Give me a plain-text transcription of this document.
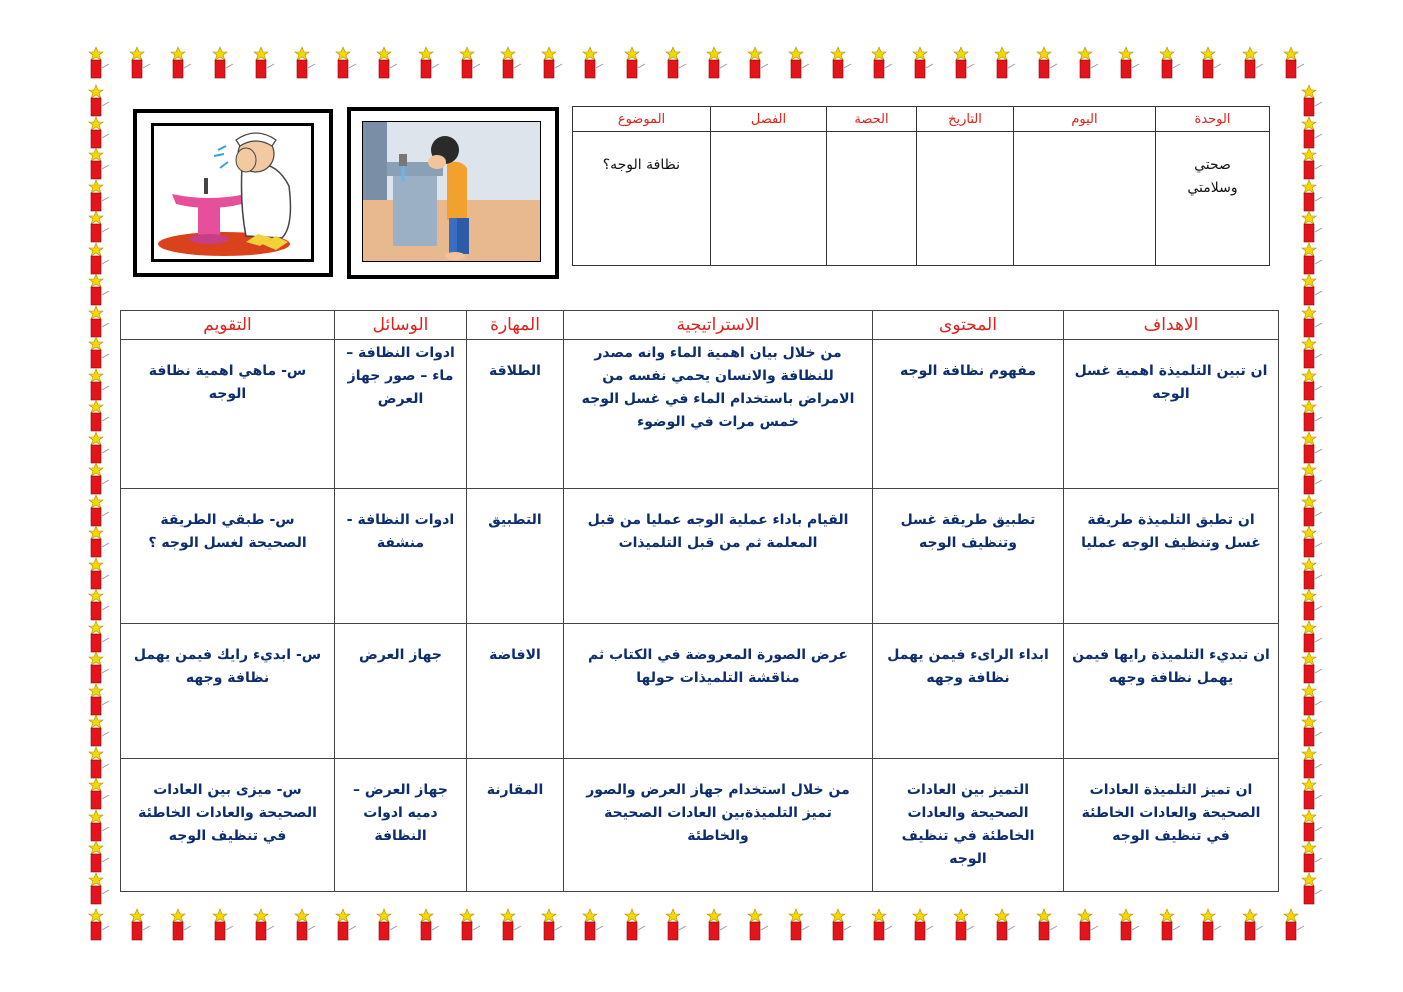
الوحدة	اليوم	التاريخ	الحصة	الفصل	الموضوع
صحتي وسلامتي					نظافة الوجه؟
الاهداف	المحتوى	الاستراتيجية	المهارة	الوسائل	التقويم
ان تبين التلميذة اهمية غسل الوجه	مفهوم نظافة الوجه	من خلال بيان اهمية الماء وانه مصدر للنظافة والانسان يحمي نفسه من الامراض باستخدام الماء في غسل الوجه خمس مرات في الوضوء	الطلاقة	ادوات النظافة – ماء – صور جهاز العرض	س- ماهي اهمية نظافة الوجه
ان تطبق التلميذة طريقة غسل وتنظيف الوجه عمليا	تطبيق طريقة غسل وتنظيف الوجه	القيام باداء عملية الوجه عمليا من قبل المعلمة ثم من قبل التلميذات	التطبيق	ادوات النظافة - منشفة	س- طبقي الطريقة الصحيحة لغسل الوجه ؟
ان تبديء التلميذة رايها فيمن يهمل نظافة وجهه	ابداء الراىء فيمن يهمل نظافة وجهه	عرض الصورة المعروضة في الكتاب ثم مناقشة التلميذات حولها	الافاضة	جهاز العرض	س- ابديء رايك فيمن يهمل نظافة وجهه
ان تميز التلميذة العادات الصحيحة والعادات الخاطئة في تنظيف الوجه	التميز بين العادات الصحيحة والعادات الخاطئة في تنظيف الوجه	من خلال استخدام جهاز العرض والصور تميز التلميذةبين العادات الصحيحة والخاطئة	المقارنة	جهاز العرض – دميه ادوات النظافة	س- ميزى بين العادات الصحيحة والعادات الخاطئة في تنظيف الوجه
